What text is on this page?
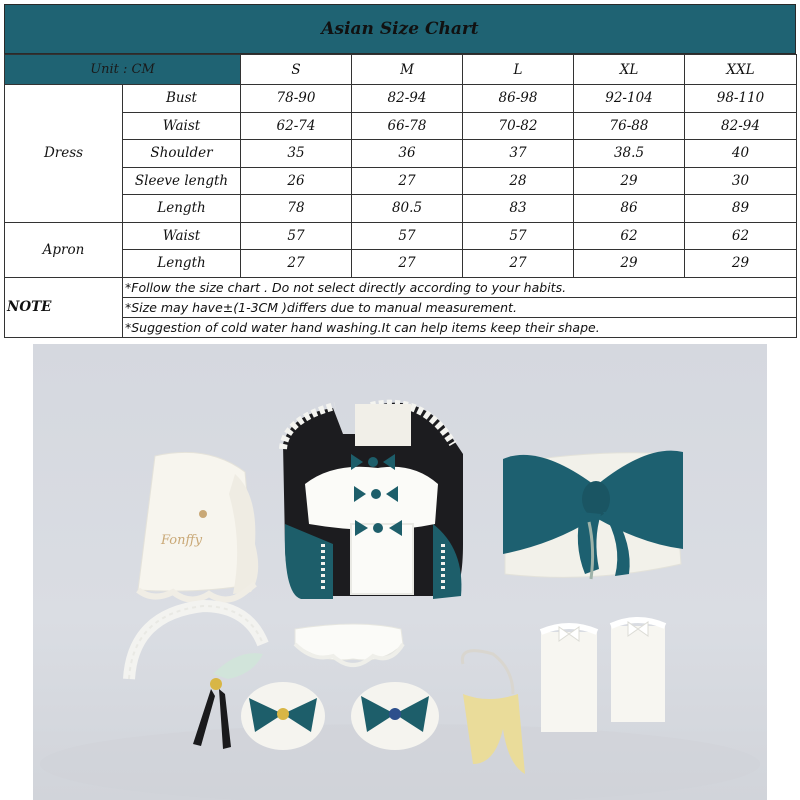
Asian Size Chart
Unit : CM		S	M	L	XL	XXL
Dress	Bust	78-90	82-94	86-98	92-104	98-110
	Waist	62-74	66-78	70-82	76-88	82-94
	Shoulder	35	36	37	38.5	40
	Sleeve length	26	27	28	29	30
	Length	78	80.5	83	86	89
Apron	Waist	57	57	57	62	62
	Length	27	27	27	29	29
NOTE	*Follow the size chart . Do not select directly according to your habits.					
	*Size may have±(1-3CM )differs due to manual measurement.					
	*Suggestion of cold water hand washing.It can help items keep their shape.					
Fonffy
